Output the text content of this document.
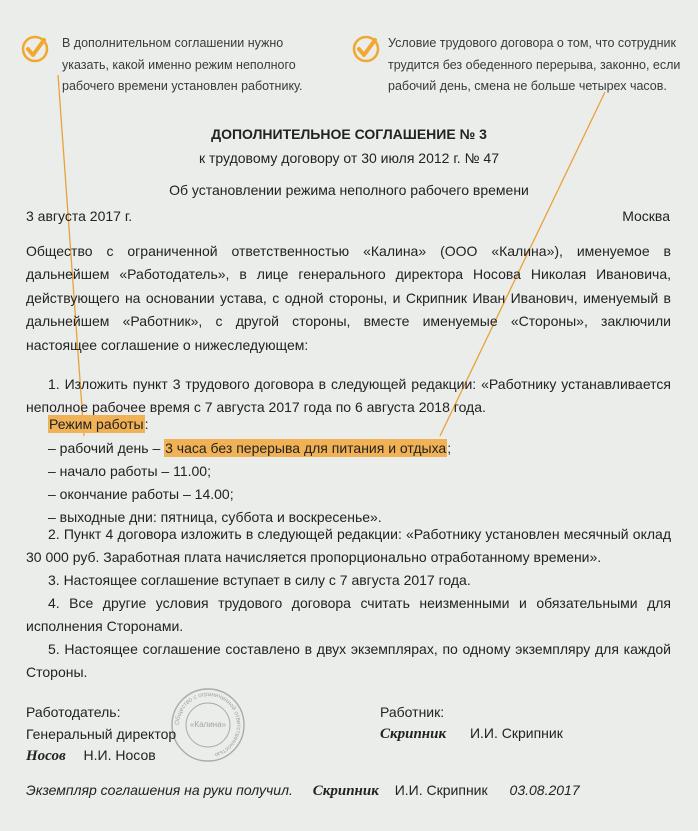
В дополнительном соглашении нужно
указать, какой именно режим неполного
рабочего времени установлен работнику.
Условие трудового договора о том, что сотрудник
трудится без обеденного перерыва, законно, если
рабочий день, смена не больше четырех часов.
ДОПОЛНИТЕЛЬНОЕ СОГЛАШЕНИЕ № 3
к трудовому договору от 30 июля 2012 г. № 47
Об установлении режима неполного рабочего времени
3 августа 2017 г.	Москва
Общество с ограниченной ответственностью «Калина» (ООО «Калина»), именуемое в дальнейшем «Работодатель», в лице генерального директора Носова Николая Ивановича, действующего на основании устава, с одной стороны, и Скрипник Иван Иванович, именуемый в дальнейшем «Работник», с другой стороны, вместе именуемые «Стороны», заключили настоящее соглашение о нижеследующем:
1. Изложить пункт 3 трудового договора в следующей редакции: «Работнику устанавливается неполное рабочее время с 7 августа 2017 года по 6 августа 2018 года.
Режим работы:
– рабочий день – 3 часа без перерыва для питания и отдыха;
– начало работы – 11.00;
– окончание работы – 14.00;
– выходные дни: пятница, суббота и воскресенье».
2. Пункт 4 договора изложить в следующей редакции: «Работнику установлен месячный оклад 30 000 руб. Заработная плата начисляется пропорционально отработанному времени».
3. Настоящее соглашение вступает в силу с 7 августа 2017 года.
4. Все другие условия трудового договора считать неизменными и обязательными для исполнения Сторонами.
5. Настоящее соглашение составлено в двух экземплярах, по одному экземпляру для каждой Стороны.
Общество с ограниченной ответственностью
«Калина»
Работодатель:
Генеральный директор
Носов Н.И. Носов
Работник:
Скрипник И.И. Скрипник
Экземпляр соглашения на руки получил. Скрипник И.И. Скрипник 03.08.2017
